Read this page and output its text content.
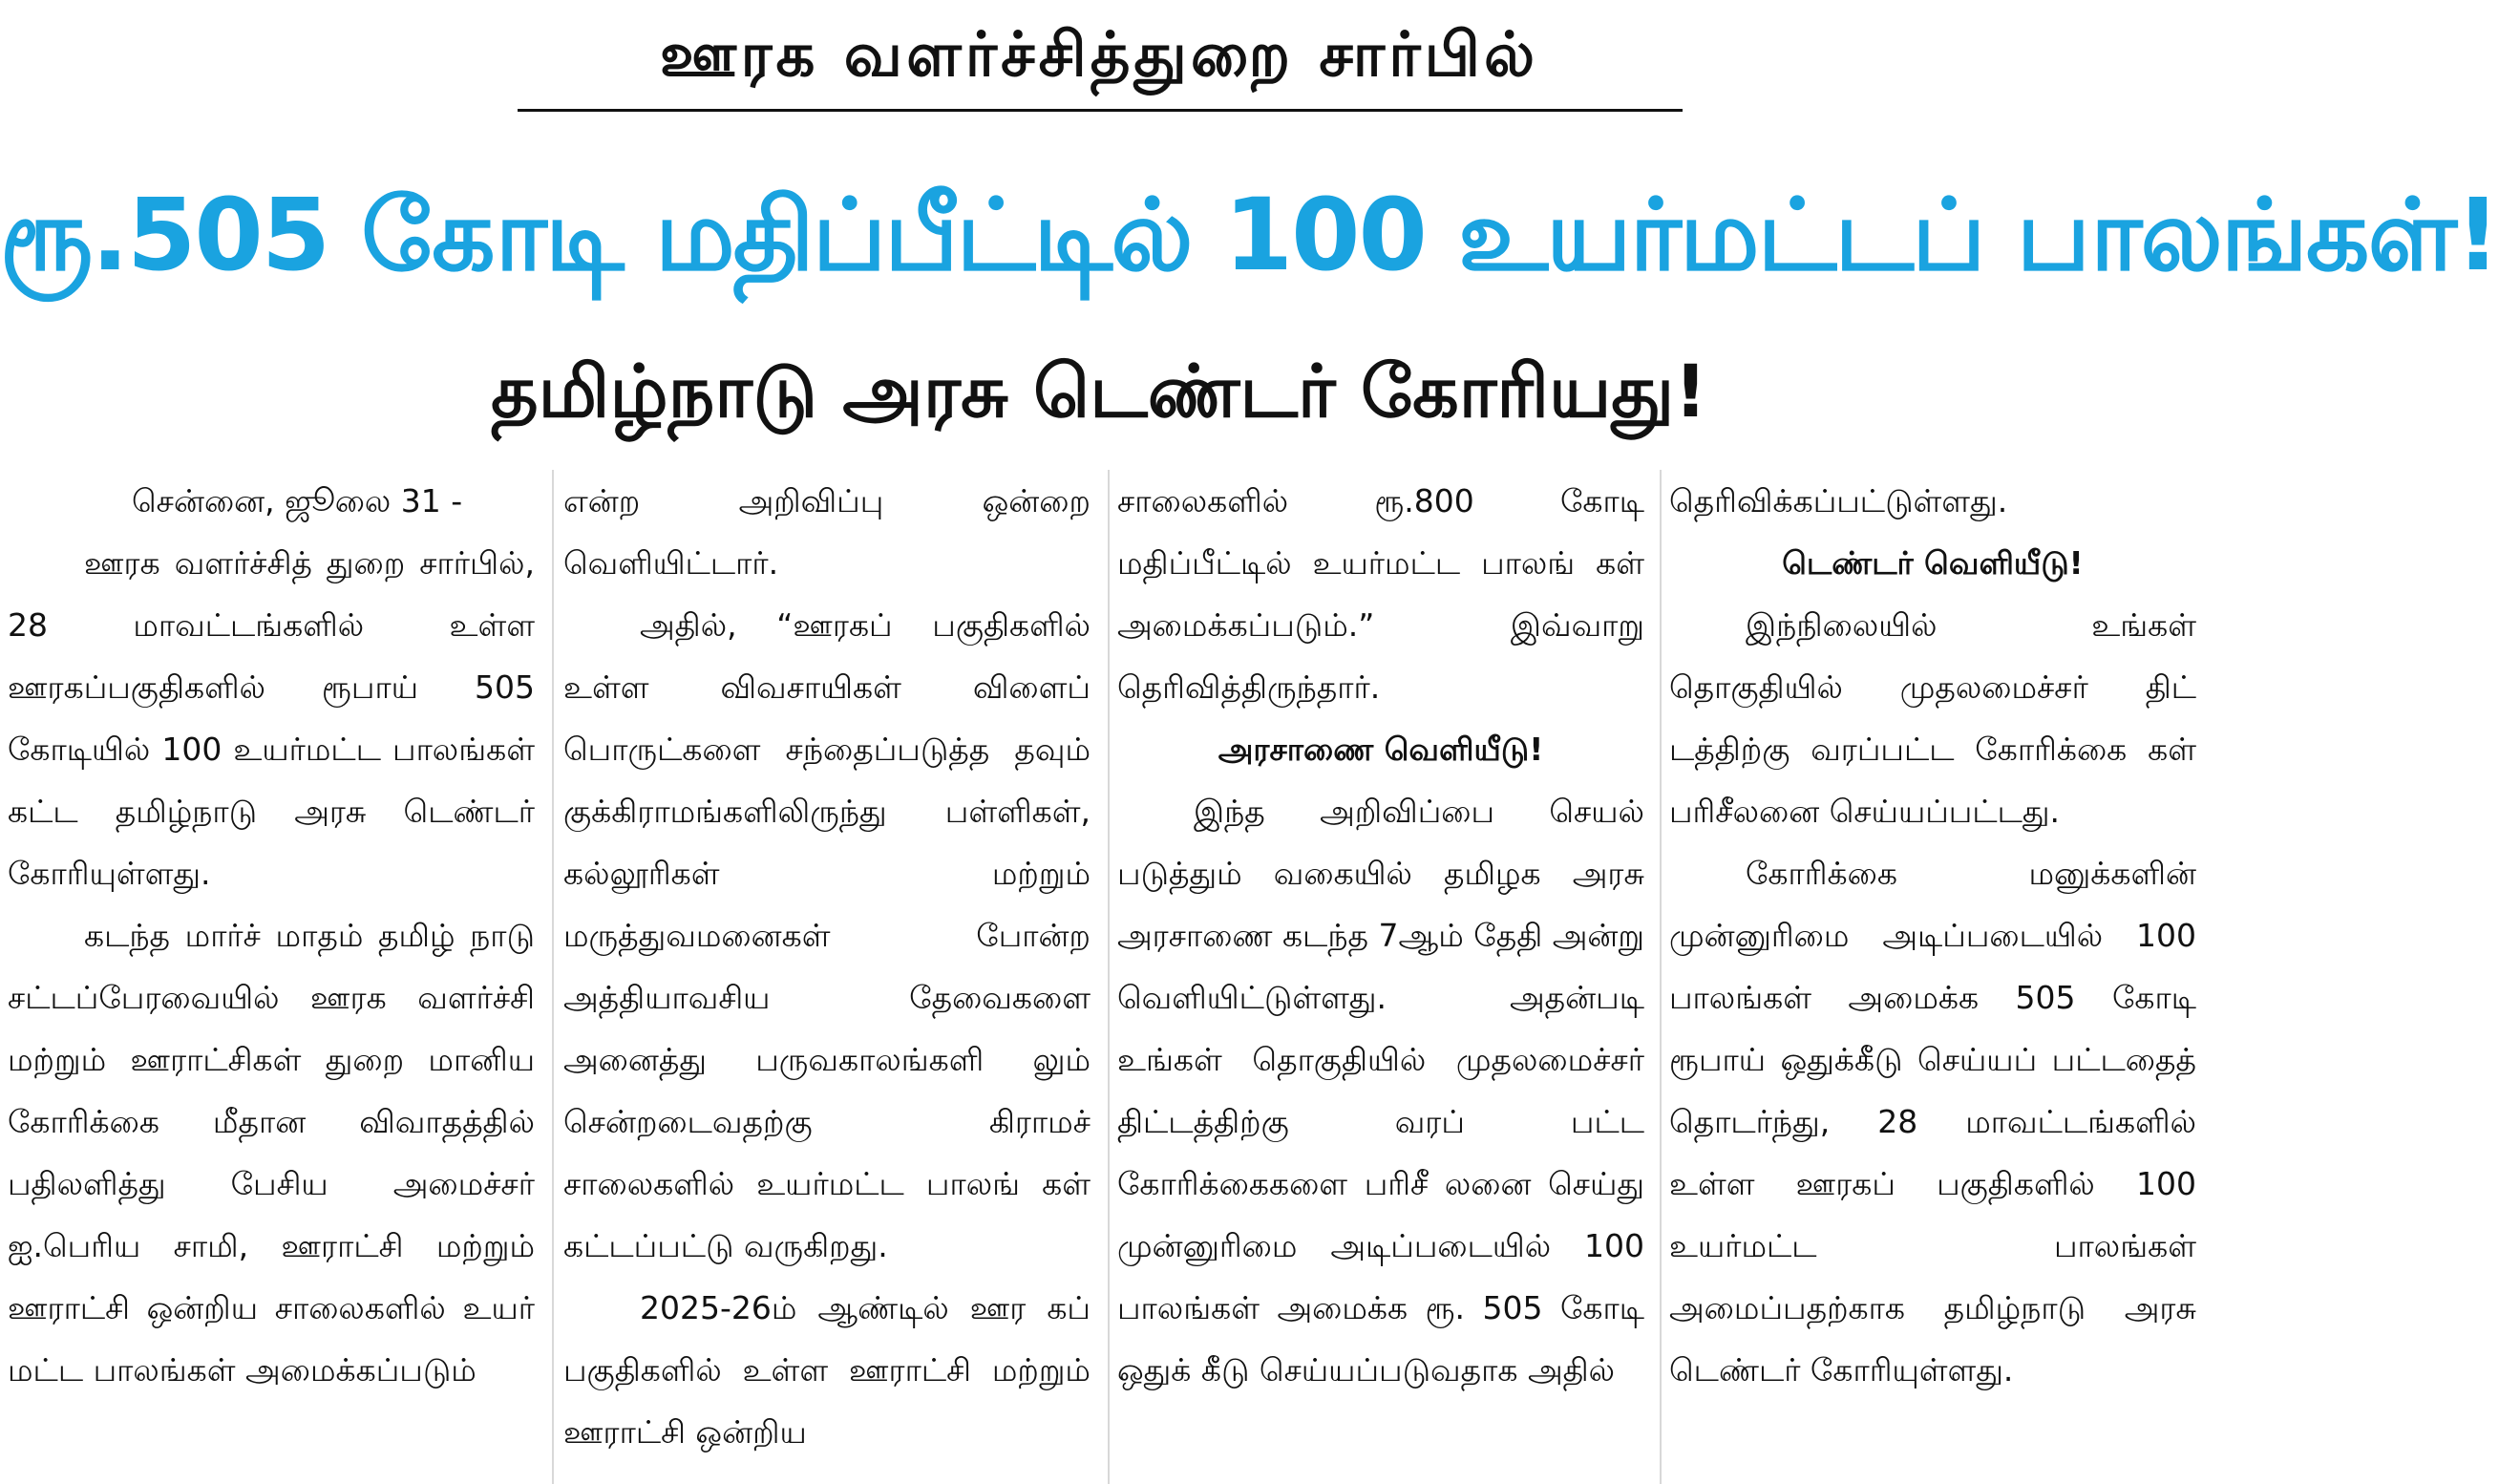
ஊரக வளர்ச்சித்துறை சார்பில்
ரூ.505 கோடி மதிப்பீட்டில் 100 உயர்மட்டப் பாலங்கள்!
தமிழ்நாடு அரசு டெண்டர் கோரியது!

சென்னை, ஜூலை 31 -

ஊரக வளர்ச்சித் துறை சார்பில், 28 மாவட்டங்களில் உள்ள ஊரகப்பகுதிகளில் ரூபாய் 505 கோடியில் 100 உயர்மட்ட பாலங்கள் கட்ட தமிழ்நாடு அரசு டெண்டர் கோரியுள்ளது.

கடந்த மார்ச் மாதம் தமிழ் நாடு சட்டப்பேரவையில் ஊரக வளர்ச்சி மற்றும் ஊராட்சிகள் துறை மானிய கோரிக்கை மீதான விவாதத்தில் பதிலளித்து பேசிய அமைச்சர் ஐ.பெரிய சாமி, ஊராட்சி மற்றும் ஊராட்சி ஒன்றிய சாலைகளில் உயர் மட்ட பாலங்கள் அமைக்கப்படும்

என்ற அறிவிப்பு ஒன்றை வெளியிட்டார்.

அதில், “ஊரகப் பகுதிகளில் உள்ள விவசாயிகள் விளைப் பொருட்களை சந்தைப்படுத்த தவும் குக்கிராமங்களிலிருந்து பள்ளிகள், கல்லூரிகள் மற்றும் மருத்துவமனைகள் போன்ற அத்தியாவசிய தேவைகளை அனைத்து பருவகாலங்களி லும் சென்றடைவதற்கு கிராமச் சாலைகளில் உயர்மட்ட பாலங் கள் கட்டப்பட்டு வருகிறது.

2025-26ம் ஆண்டில் ஊர கப் பகுதிகளில் உள்ள ஊராட்சி மற்றும் ஊராட்சி ஒன்றிய

சாலைகளில் ரூ.800 கோடி மதிப்பீட்டில் உயர்மட்ட பாலங் கள் அமைக்கப்படும்.” இவ்வாறு தெரிவித்திருந்தார்.

அரசாணை வெளியீடு!

இந்த அறிவிப்பை செயல் படுத்தும் வகையில் தமிழக அரசு அரசாணை கடந்த 7ஆம் தேதி அன்று வெளியிட்டுள்ளது. அதன்படி உங்கள் தொகுதியில் முதலமைச்சர் திட்டத்திற்கு வரப் பட்ட கோரிக்கைகளை பரிசீ லனை செய்து முன்னுரிமை அடிப்படையில் 100 பாலங்கள் அமைக்க ரூ. 505 கோடி ஒதுக் கீடு செய்யப்படுவதாக அதில்

தெரிவிக்கப்பட்டுள்ளது.

டெண்டர் வெளியீடு!

இந்நிலையில் உங்கள் தொகுதியில் முதலமைச்சர் திட் டத்திற்கு வரப்பட்ட கோரிக்கை கள் பரிசீலனை செய்யப்பட்டது.

கோரிக்கை மனுக்களின் முன்னுரிமை அடிப்படையில் 100 பாலங்கள் அமைக்க 505 கோடி ரூபாய் ஒதுக்கீடு செய்யப் பட்டதைத் தொடர்ந்து, 28 மாவட்டங்களில் உள்ள ஊரகப் பகுதிகளில் 100 உயர்மட்ட பாலங்கள் அமைப்பதற்காக தமிழ்நாடு அரசு டெண்டர் கோரியுள்ளது.
